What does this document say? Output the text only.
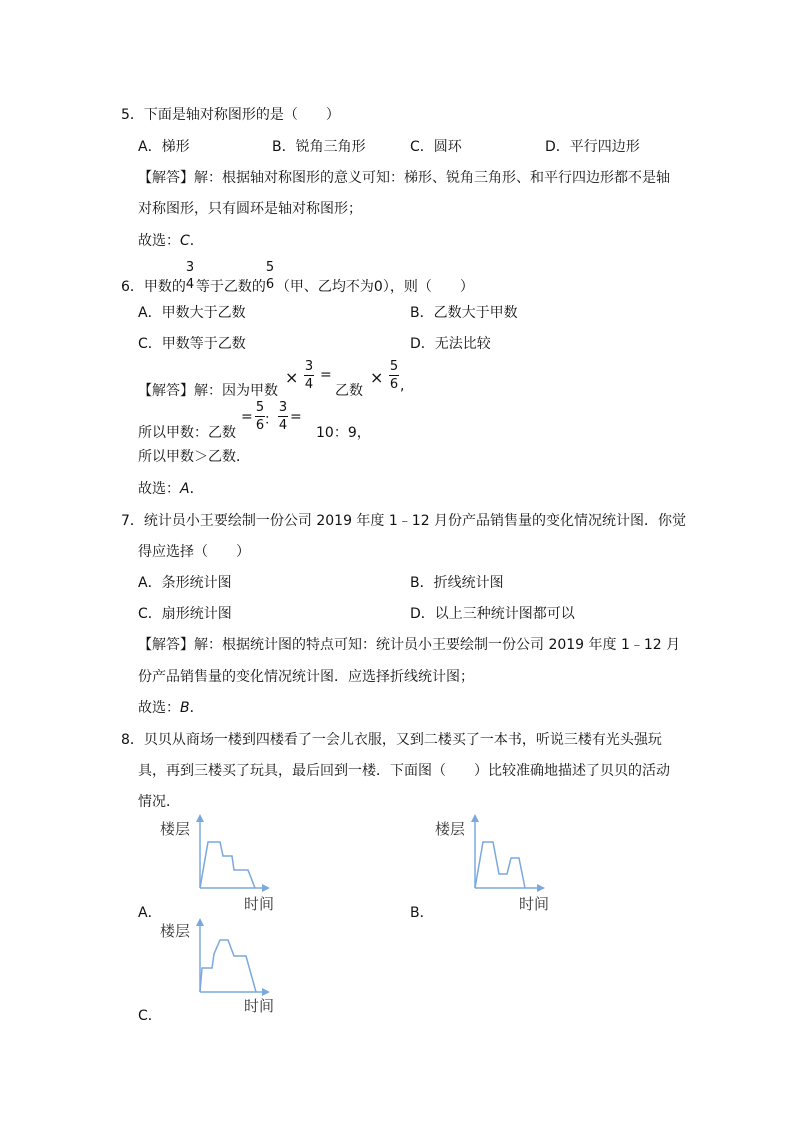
5．下面是轴对称图形的是（　　）
A．梯形	B．锐角三角形	C．圆环	D．平行四边形
【解答】解：根据轴对称图形的意义可知：梯形、锐角三角形、和平行四边形都不是轴
对称图形，只有圆环是轴对称图形；
故选：C．
6．甲数的
3
4 等于乙数的
5
6 （甲、乙均不为0），则（　　）
A．甲数大于乙数	B．乙数大于甲数
C．甲数等于乙数	D．无法比较
【解答】解：因为甲数
×
3
4
=
乙数
×
5
6 ,
所以甲数：乙数
=
5
6 ：
3
4
=
10：9，
所以甲数＞乙数．
故选：A．
7．统计员小王要绘制一份公司 2019 年度 1﹣12 月份产品销售量的变化情况统计图．你觉
得应选择（　　）
A．条形统计图	B．折线统计图
C．扇形统计图	D．以上三种统计图都可以
【解答】解：根据统计图的特点可知：统计员小王要绘制一份公司 2019 年度 1﹣12 月
份产品销售量的变化情况统计图．应选择折线统计图；
故选：B．
8．贝贝从商场一楼到四楼看了一会儿衣服，又到二楼买了一本书，听说三楼有光头强玩
具，再到三楼买了玩具，最后回到一楼．下面图（　　）比较准确地描述了贝贝的活动
情况．
楼层
时间
A．
楼层
时间
B．
楼层
时间
C．
